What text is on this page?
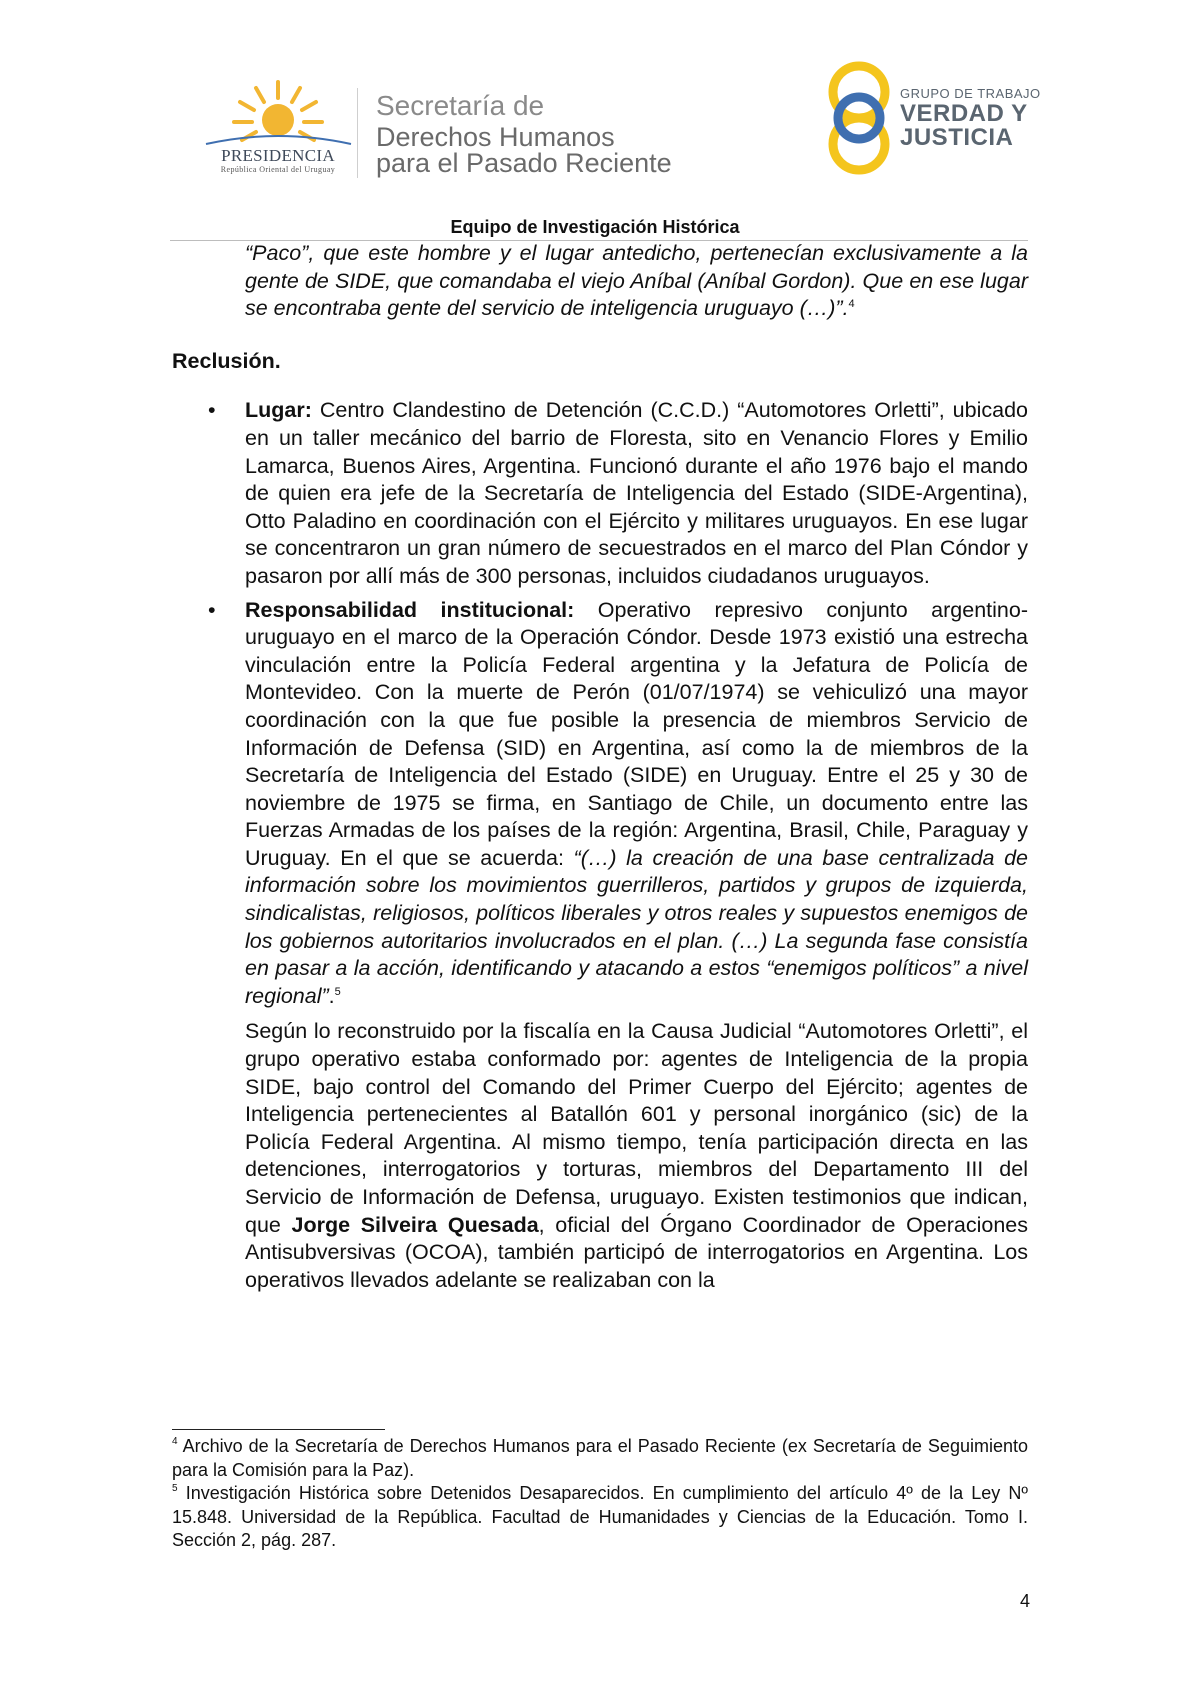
PRESIDENCIA
República Oriental del Uruguay
Secretaría de
Derechos Humanos
para el Pasado Reciente
GRUPO DE TRABAJO
VERDAD Y
JUSTICIA
Equipo de Investigación Histórica

“Paco”, que este hombre y el lugar antedicho, pertenecían exclusivamente a la gente de SIDE, que comandaba el viejo Aníbal (Aníbal Gordon). Que en ese lugar se encontraba gente del servicio de inteligencia uruguayo (…)”.$^4$

Reclusión.

• Lugar: Centro Clandestino de Detención (C.C.D.) “Automotores Orletti”, ubicado en un taller mecánico del barrio de Floresta, sito en Venancio Flores y Emilio Lamarca, Buenos Aires, Argentina. Funcionó durante el año 1976 bajo el mando de quien era jefe de la Secretaría de Inteligencia del Estado (SIDE-Argentina), Otto Paladino en coordinación con el Ejército y militares uruguayos. En ese lugar se concentraron un gran número de secuestrados en el marco del Plan Cóndor y pasaron por allí más de 300 personas, incluidos ciudadanos uruguayos.
• Responsabilidad institucional: Operativo represivo conjunto argentino-uruguayo en el marco de la Operación Cóndor. Desde 1973 existió una estrecha vinculación entre la Policía Federal argentina y la Jefatura de Policía de Montevideo. Con la muerte de Perón (01/07/1974) se vehiculizó una mayor coordinación con la que fue posible la presencia de miembros Servicio de Información de Defensa (SID) en Argentina, así como la de miembros de la Secretaría de Inteligencia del Estado (SIDE) en Uruguay. Entre el 25 y 30 de noviembre de 1975 se firma, en Santiago de Chile, un documento entre las Fuerzas Armadas de los países de la región: Argentina, Brasil, Chile, Paraguay y Uruguay. En el que se acuerda: “(…) la creación de una base centralizada de información sobre los movimientos guerrilleros, partidos y grupos de izquierda, sindicalistas, religiosos, políticos liberales y otros reales y supuestos enemigos de los gobiernos autoritarios involucrados en el plan. (…) La segunda fase consistía en pasar a la acción, identificando y atacando a estos “enemigos políticos” a nivel regional”.$^5$

Según lo reconstruido por la fiscalía en la Causa Judicial “Automotores Orletti”, el grupo operativo estaba conformado por: agentes de Inteligencia de la propia SIDE, bajo control del Comando del Primer Cuerpo del Ejército; agentes de Inteligencia pertenecientes al Batallón 601 y personal inorgánico (sic) de la Policía Federal Argentina. Al mismo tiempo, tenía participación directa en las detenciones, interrogatorios y torturas, miembros del Departamento III del Servicio de Información de Defensa, uruguayo. Existen testimonios que indican, que Jorge Silveira Quesada, oficial del Órgano Coordinador de Operaciones Antisubversivas (OCOA), también participó de interrogatorios en Argentina. Los operativos llevados adelante se realizaban con la

$^4$ Archivo de la Secretaría de Derechos Humanos para el Pasado Reciente (ex Secretaría de Seguimiento para la Comisión para la Paz).

$^5$ Investigación Histórica sobre Detenidos Desaparecidos. En cumplimiento del artículo 4º de la Ley Nº 15.848. Universidad de la República. Facultad de Humanidades y Ciencias de la Educación. Tomo I. Sección 2, pág. 287.

4
